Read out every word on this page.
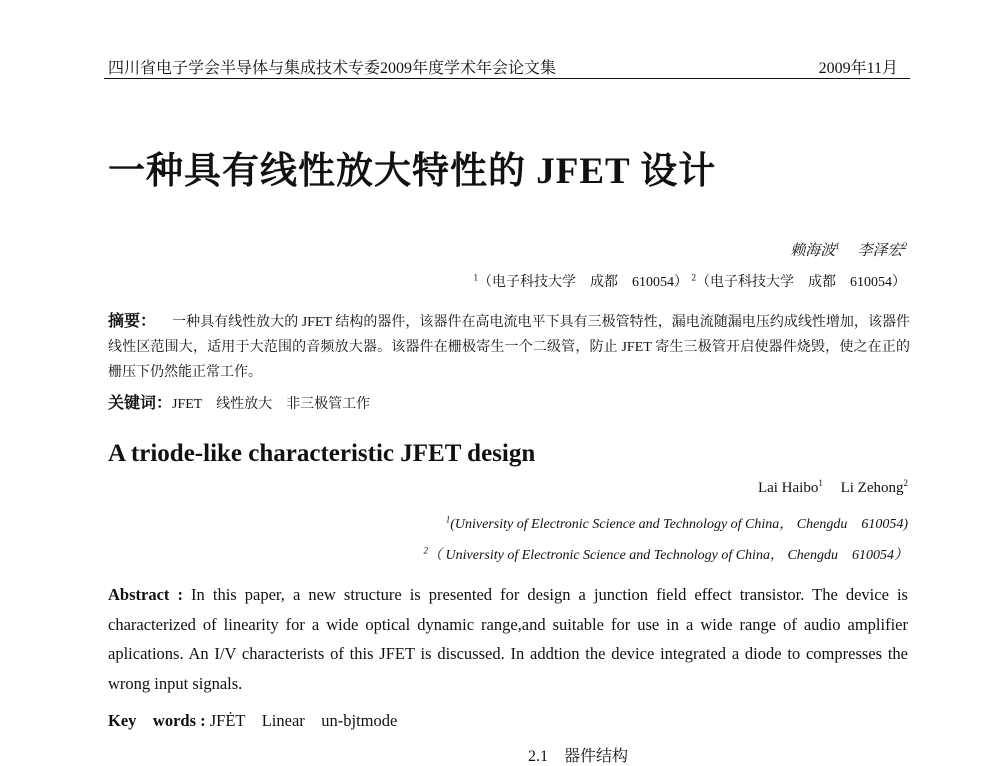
四川省电子学会半导体与集成技术专委2009年度学术年会论文集	2009年11月
一种具有线性放大特性的 JFET 设计
赖海波$^1$ 李泽宏$^2$
$^1$（电子科技大学　成都　610054） $^2$（电子科技大学　成都　610054）
摘要： 一种具有线性放大的 JFET 结构的器件，该器件在高电流电平下具有三极管特性，漏电流随漏电压约成线性增加，该器件线性区范围大，适用于大范围的音频放大器。该器件在栅极寄生一个二级管，防止 JFET 寄生三极管开启使器件烧毁，使之在正的栅压下仍然能正常工作。
关键词：JFET　线性放大　非三极管工作
A triode-like characteristic JFET design
Lai Haibo$^1$ Li Zehong$^2$
$^1$(University of Electronic Science and Technology of China， Chengdu　610054)
$^2$（ University of Electronic Science and Technology of China， Chengdu　610054）
Abstract : In this paper, a new structure is presented for design a junction field effect transistor. The device is characterized of linearity for a wide optical dynamic range,and suitable for use in a wide range of audio amplifier aplications. An I/V characterists of this JFET is discussed. In addtion the device integrated a diode to compresses the wrong input signals.
Key　words : JFĖT　Linear　un-bjtmode
2.1　器件结构
